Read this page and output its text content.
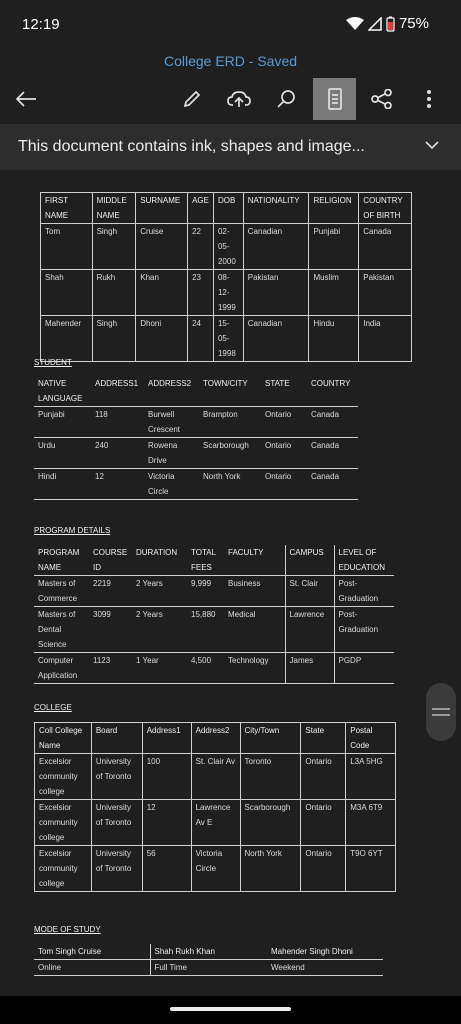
12:19	75%
College ERD - Saved
This document contains ink, shapes and image...
FIRST NAME	MIDDLE NAME	SURNAME	AGE	DOB	NATIONALITY	RELIGION	COUNTRY OF BIRTH
Tom	Singh	Cruise	22	02-05-2000	Canadian	Punjabi	Canada
Shah	Rukh	Khan	23	08-12-1999	Pakistan	Muslim	Pakistan
Mahender	Singh	Dhoni	24	15-05-1998	Canadian	Hindu	India
STUDENT
NATIVE LANGUAGE	ADDRESS1	ADDRESS2	TOWN/CITY	STATE	COUNTRY
Punjabi	118	Burwell Crescent	Brampton	Ontario	Canada
Urdu	240	Rowena Drive	Scarborough	Ontario	Canada
Hindi	12	Victoria Circle	North York	Ontario	Canada
PROGRAM DETAILS
PROGRAM NAME	COURSE ID	DURATION	TOTAL FEES	FACULTY	CAMPUS	LEVEL OF EDUCATION
Masters of Commerce	2219	2 Years	9,999	Business	St. Clair	Post-Graduation
Masters of Dental Science	3099	2 Years	15,880	Medical	Lawrence	Post-Graduation
Computer Application	1123	1 Year	4,500	Technology	James	PGDP
COLLEGE
Coll College Name	Board	Address1	Address2	City/Town	State	Postal Code
Excelsior community college	University of Toronto	100	St. Clair Av	Toronto	Ontario	L3A 5HG
Excelsior community college	University of Toronto	12	Lawrence Av E	Scarborough	Ontario	M3A 6T9
Excelsior community college	University of Toronto	56	Victoria Circle	North York	Ontario	T9O 6YT
MODE OF STUDY
Tom Singh Cruise	Shah Rukh Khan	Mahender Singh Dhoni
Online	Full Time	Weekend
